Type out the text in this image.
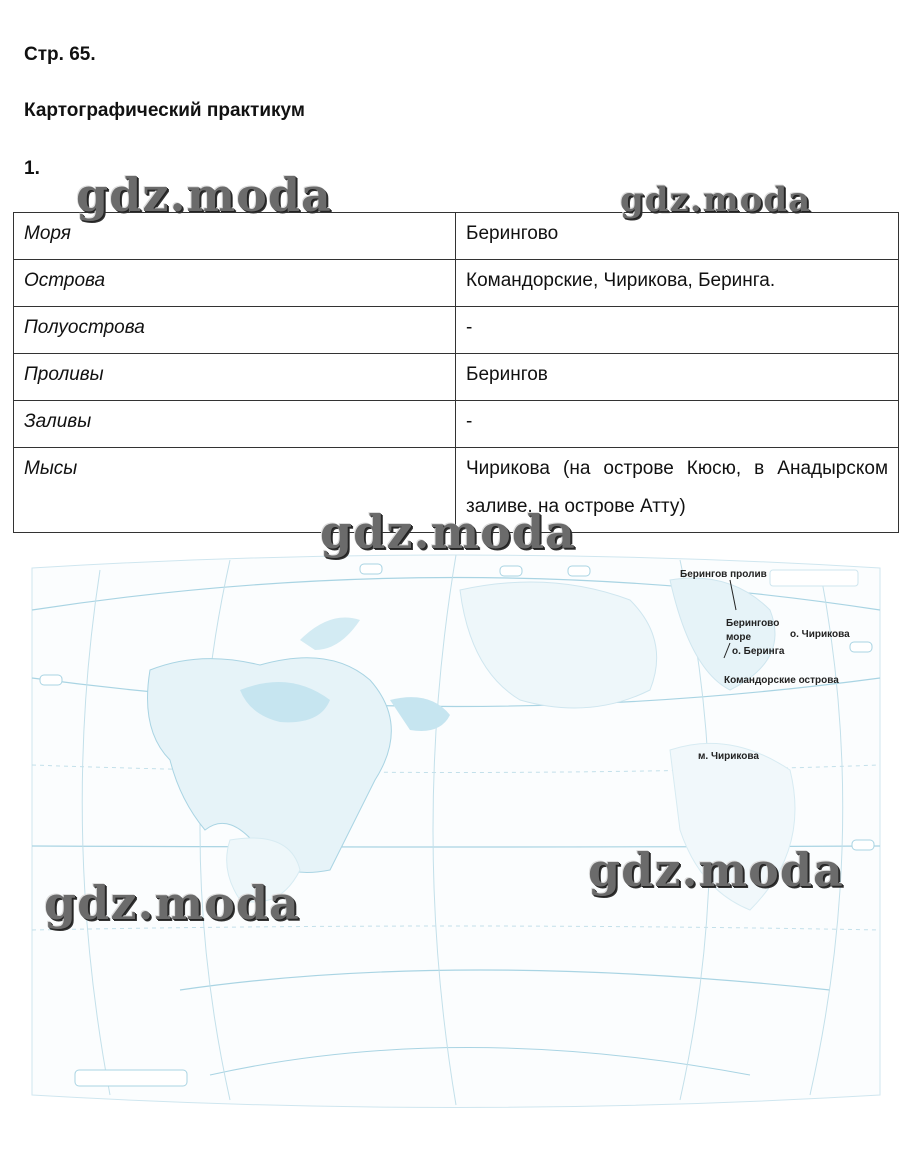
Стр. 65.
Картографический практикум
1.
Моря	Берингово
Острова	Командорские, Чирикова, Беринга.
Полуострова	-
Проливы	Берингов
Заливы	-
Мысы	Чирикова (на острове Кюсю, в Анадырском заливе, на острове Атту)
Берингов пролив
Берингово
море	о. Чирикова
о. Беринга
Командорские острова
м. Чирикова
gdz.moda	gdz.moda
gdz.moda
gdz.moda
gdz.moda
